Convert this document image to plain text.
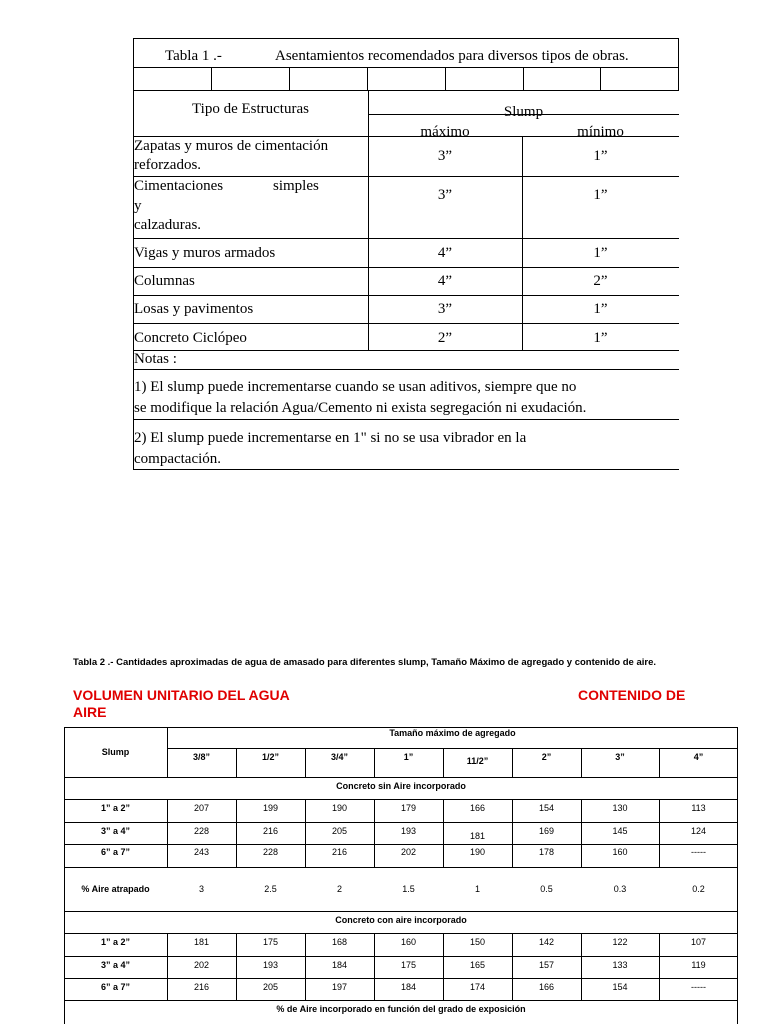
Tabla 1 .-	Asentamientos recomendados para diversos tipos de obras.
Tipo de Estructuras	Slump
máximo	mínimo
Zapatas y muros de cimentación
reforzados.
3”	1”
Cimentaciones	simples
y
calzaduras.
3”	1”
Vigas y muros armados	4”	1”
Columnas	4”	2”
Losas y pavimentos	3”	1”
Concreto Ciclópeo	2”	1”
Notas :
1) El slump puede incrementarse cuando se usan aditivos, siempre que no
se modifique la relación Agua/Cemento ni exista segregación ni exudación.
2) El slump puede incrementarse en 1" si no se usa vibrador en la
compactación.
Tabla 2 .- Cantidades aproximadas de agua de amasado para diferentes slump, Tamaño Máximo de agregado y contenido de aire.
VOLUMEN UNITARIO DEL AGUA
AIRE
CONTENIDO DE
Slump
Tamaño máximo de agregado
Concreto sin Aire incorporado
Concreto con aire incorporado
% de Aire incorporado en función del grado de exposición
3/8”	1/2”	3/4”	1”	11/2”	2”	3”	4”
1” a 2”	207	199	190	179	166	154	130	113
3” a 4”	228	216	205	193	181	169	145	124
6” a 7”	243	228	216	202	190	178	160	-----
% Aire atrapado	3	2.5	2	1.5	1	0.5	0.3	0.2
1” a 2”	181	175	168	160	150	142	122	107
3” a 4”	202	193	184	175	165	157	133	119
6” a 7”	216	205	197	184	174	166	154	-----
